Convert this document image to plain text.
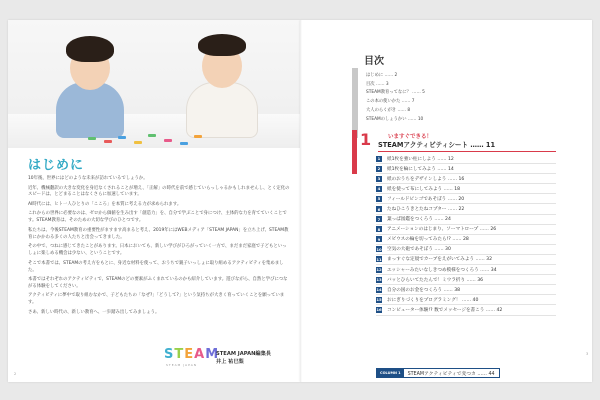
はじめに

10年後、世界にはどのような未来が訪れているでしょうか。

近年、機械翻訳の大きな変化を身近なくされることが増え、「正解」の時代を前で感じていらっしゃるかもしれませんし、とく定化のスピードは、とどまることはなくさらに加速しています。

AI時代には、ヒト一人ひとりの「こころ」を本質に考える力が求められます。

これからの世界に必要なのは、ゼロから価値を生み出す「創造力」を、自分で学ぶことで身につけ、主体的な力を育てていくことです。STEAM教育は、そのための大切な学びのひとつです。

私たちは、今後STEAM教育の重要性がますます高まると考え、2019年にはWEBメディア「STEAM JAPAN」を立ち上げ、STEAM教育にかかわる多くの人たちと出会ってきました。

その中で、つねに感じてきたことがあります。日本においても、新しい学びがひろがっていく一方で、まだまだ家庭で子どもといっしょに楽しめる機会は少ない、ということです。

そこで本書では、STEAMの考え方をもとに、身近な材料を使って、おうちで親子いっしょに取り組めるアクティビティを集めました。

本書ではそれぞれのアクティビティで、STEAMのどの要素がふくまれているのかも紹介しています。遊びながら、自然と学びにつながる体験をしてください。

アクティビティに夢中で取り組むなかで、子どもたちの「なぜ?」「どうして?」という気持ちが大きく育っていくことを願っています。

さあ、新しい時代の、新しい教育へ、一歩踏み出してみましょう。

STEAM
STEAM JAPAN
STEAM JAPAN編集長
井上 祐巳梨
2
目次
はじめに …… 2
目次 …… 3
STEAM教育ってなに？ …… 5
この本の使いかた …… 7
大人のらくがき …… 8
STEAMのしょうかい …… 10
1	いますぐできる！
STEAMアクティビティシート …… 11
1	紙1枚を強い柱にしよう …… 12
2	紙1枚を輪にしてみよう …… 14
3	紙のおうちをデザインしよう …… 16
4	紙を使って布にしてみよう …… 18
5	フィールドピンゴであそぼう …… 20
6	たねひこうきとたねコプター …… 22
7	葉っぱ図鑑をつくろう …… 24
8	アニメーションのはじまり、ソーマトロープ …… 26
9	メビウスの輪を切ってみたら!? …… 28
10 空気の大砲であそぼう …… 30
11 まっすぐな定規でカーブをえがいてみよう …… 32
12 エッシャーみたいなしきつめ模様をつくろう …… 34
13 バッとひらいてたたんで！ミウラ折り …… 36
14 自分の国のお金をつくろう …… 38
15 おにぎりづくりをプログラミング！ …… 40
16 コンピューター体験!? 数でメッセージを書こう …… 42
COLUMN 1	STEAMアクティビティで変つカ …… 44
3
